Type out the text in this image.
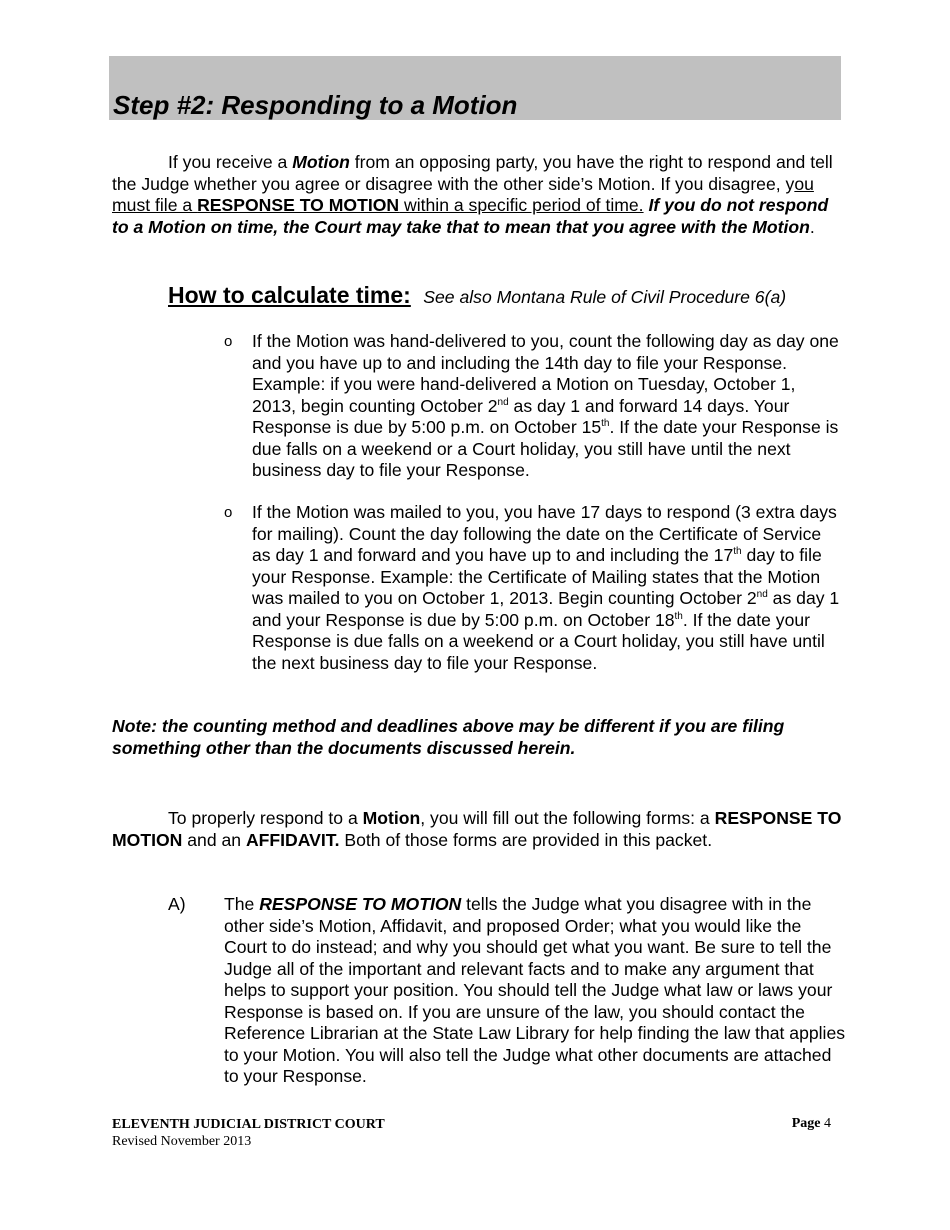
Step #2: Responding to a Motion
If you receive a Motion from an opposing party, you have the right to respond and tell the Judge whether you agree or disagree with the other side’s Motion. If you disagree, you must file a RESPONSE TO MOTION within a specific period of time. If you do not respond to a Motion on time, the Court may take that to mean that you agree with the Motion.
How to calculate time: See also Montana Rule of Civil Procedure 6(a)
o If the Motion was hand-delivered to you, count the following day as day one and you have up to and including the 14th day to file your Response. Example: if you were hand-delivered a Motion on Tuesday, October 1, 2013, begin counting October 2nd as day 1 and forward 14 days. Your Response is due by 5:00 p.m. on October 15th. If the date your Response is due falls on a weekend or a Court holiday, you still have until the next business day to file your Response.
o If the Motion was mailed to you, you have 17 days to respond (3 extra days for mailing). Count the day following the date on the Certificate of Service as day 1 and forward and you have up to and including the 17th day to file your Response. Example: the Certificate of Mailing states that the Motion was mailed to you on October 1, 2013. Begin counting October 2nd as day 1 and your Response is due by 5:00 p.m. on October 18th. If the date your Response is due falls on a weekend or a Court holiday, you still have until the next business day to file your Response.
Note: the counting method and deadlines above may be different if you are filing something other than the documents discussed herein.
To properly respond to a Motion, you will fill out the following forms: a RESPONSE TO MOTION and an AFFIDAVIT. Both of those forms are provided in this packet.
A) The RESPONSE TO MOTION tells the Judge what you disagree with in the other side’s Motion, Affidavit, and proposed Order; what you would like the Court to do instead; and why you should get what you want. Be sure to tell the Judge all of the important and relevant facts and to make any argument that helps to support your position. You should tell the Judge what law or laws your Response is based on. If you are unsure of the law, you should contact the Reference Librarian at the State Law Library for help finding the law that applies to your Motion. You will also tell the Judge what other documents are attached to your Response.
ELEVENTH JUDICIAL DISTRICT COURT
Revised November 2013
Page 4
